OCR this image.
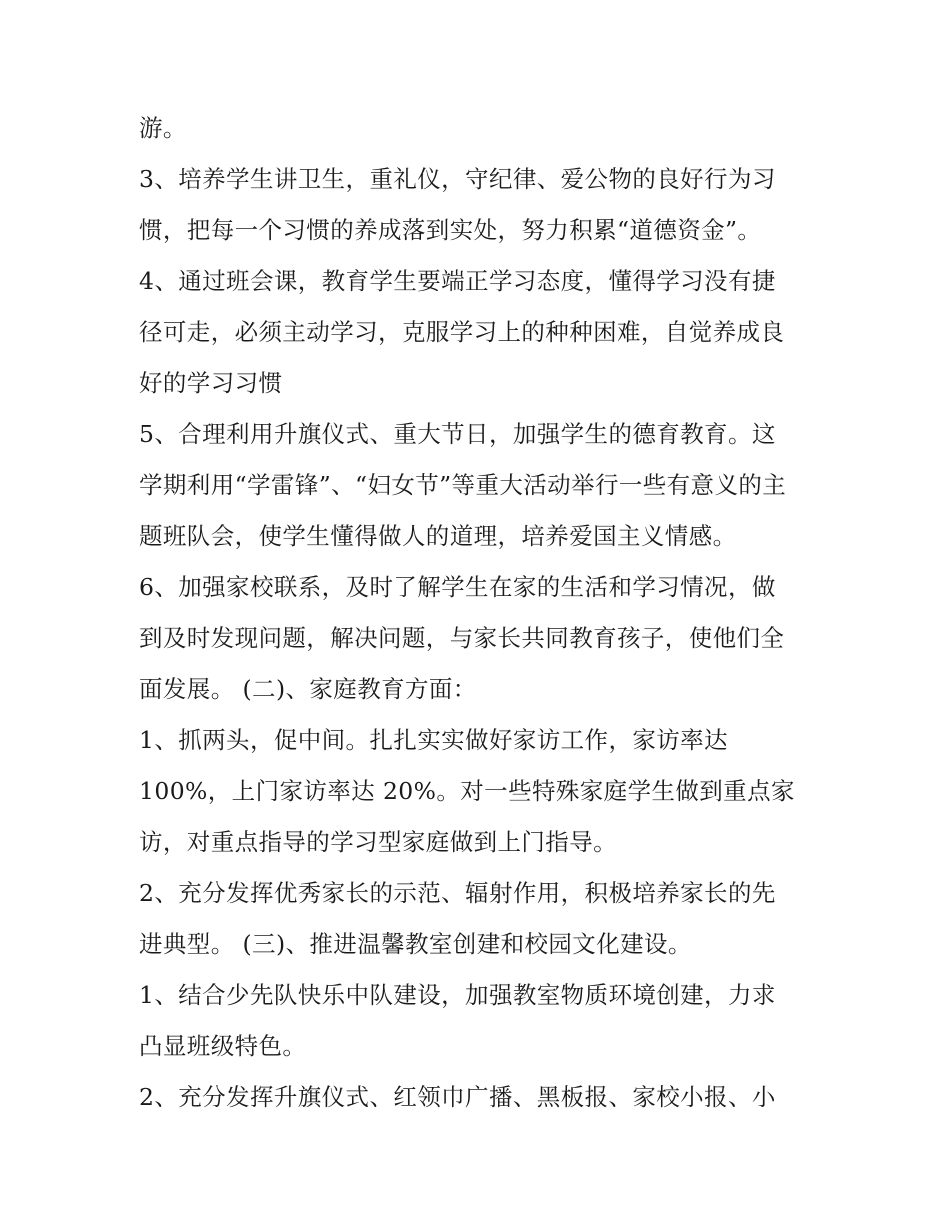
游。
3、培养学生讲卫生，重礼仪，守纪律、爱公物的良好行为习
惯，把每一个习惯的养成落到实处，努力积累“道德资金”。
4、通过班会课，教育学生要端正学习态度，懂得学习没有捷
径可走，必须主动学习，克服学习上的种种困难，自觉养成良
好的学习习惯
5、合理利用升旗仪式、重大节日，加强学生的德育教育。这
学期利用“学雷锋”、“妇女节”等重大活动举行一些有意义的主
题班队会，使学生懂得做人的道理，培养爱国主义情感。
6、加强家校联系，及时了解学生在家的生活和学习情况，做
到及时发现问题，解决问题，与家长共同教育孩子，使他们全
面发展。 (二)、家庭教育方面：
1、抓两头，促中间。扎扎实实做好家访工作，家访率达
100%，上门家访率达 20%。对一些特殊家庭学生做到重点家
访，对重点指导的学习型家庭做到上门指导。
2、充分发挥优秀家长的示范、辐射作用，积极培养家长的先
进典型。 (三)、推进温馨教室创建和校园文化建设。
1、结合少先队快乐中队建设，加强教室物质环境创建，力求
凸显班级特色。
2、充分发挥升旗仪式、红领巾广播、黑板报、家校小报、小
